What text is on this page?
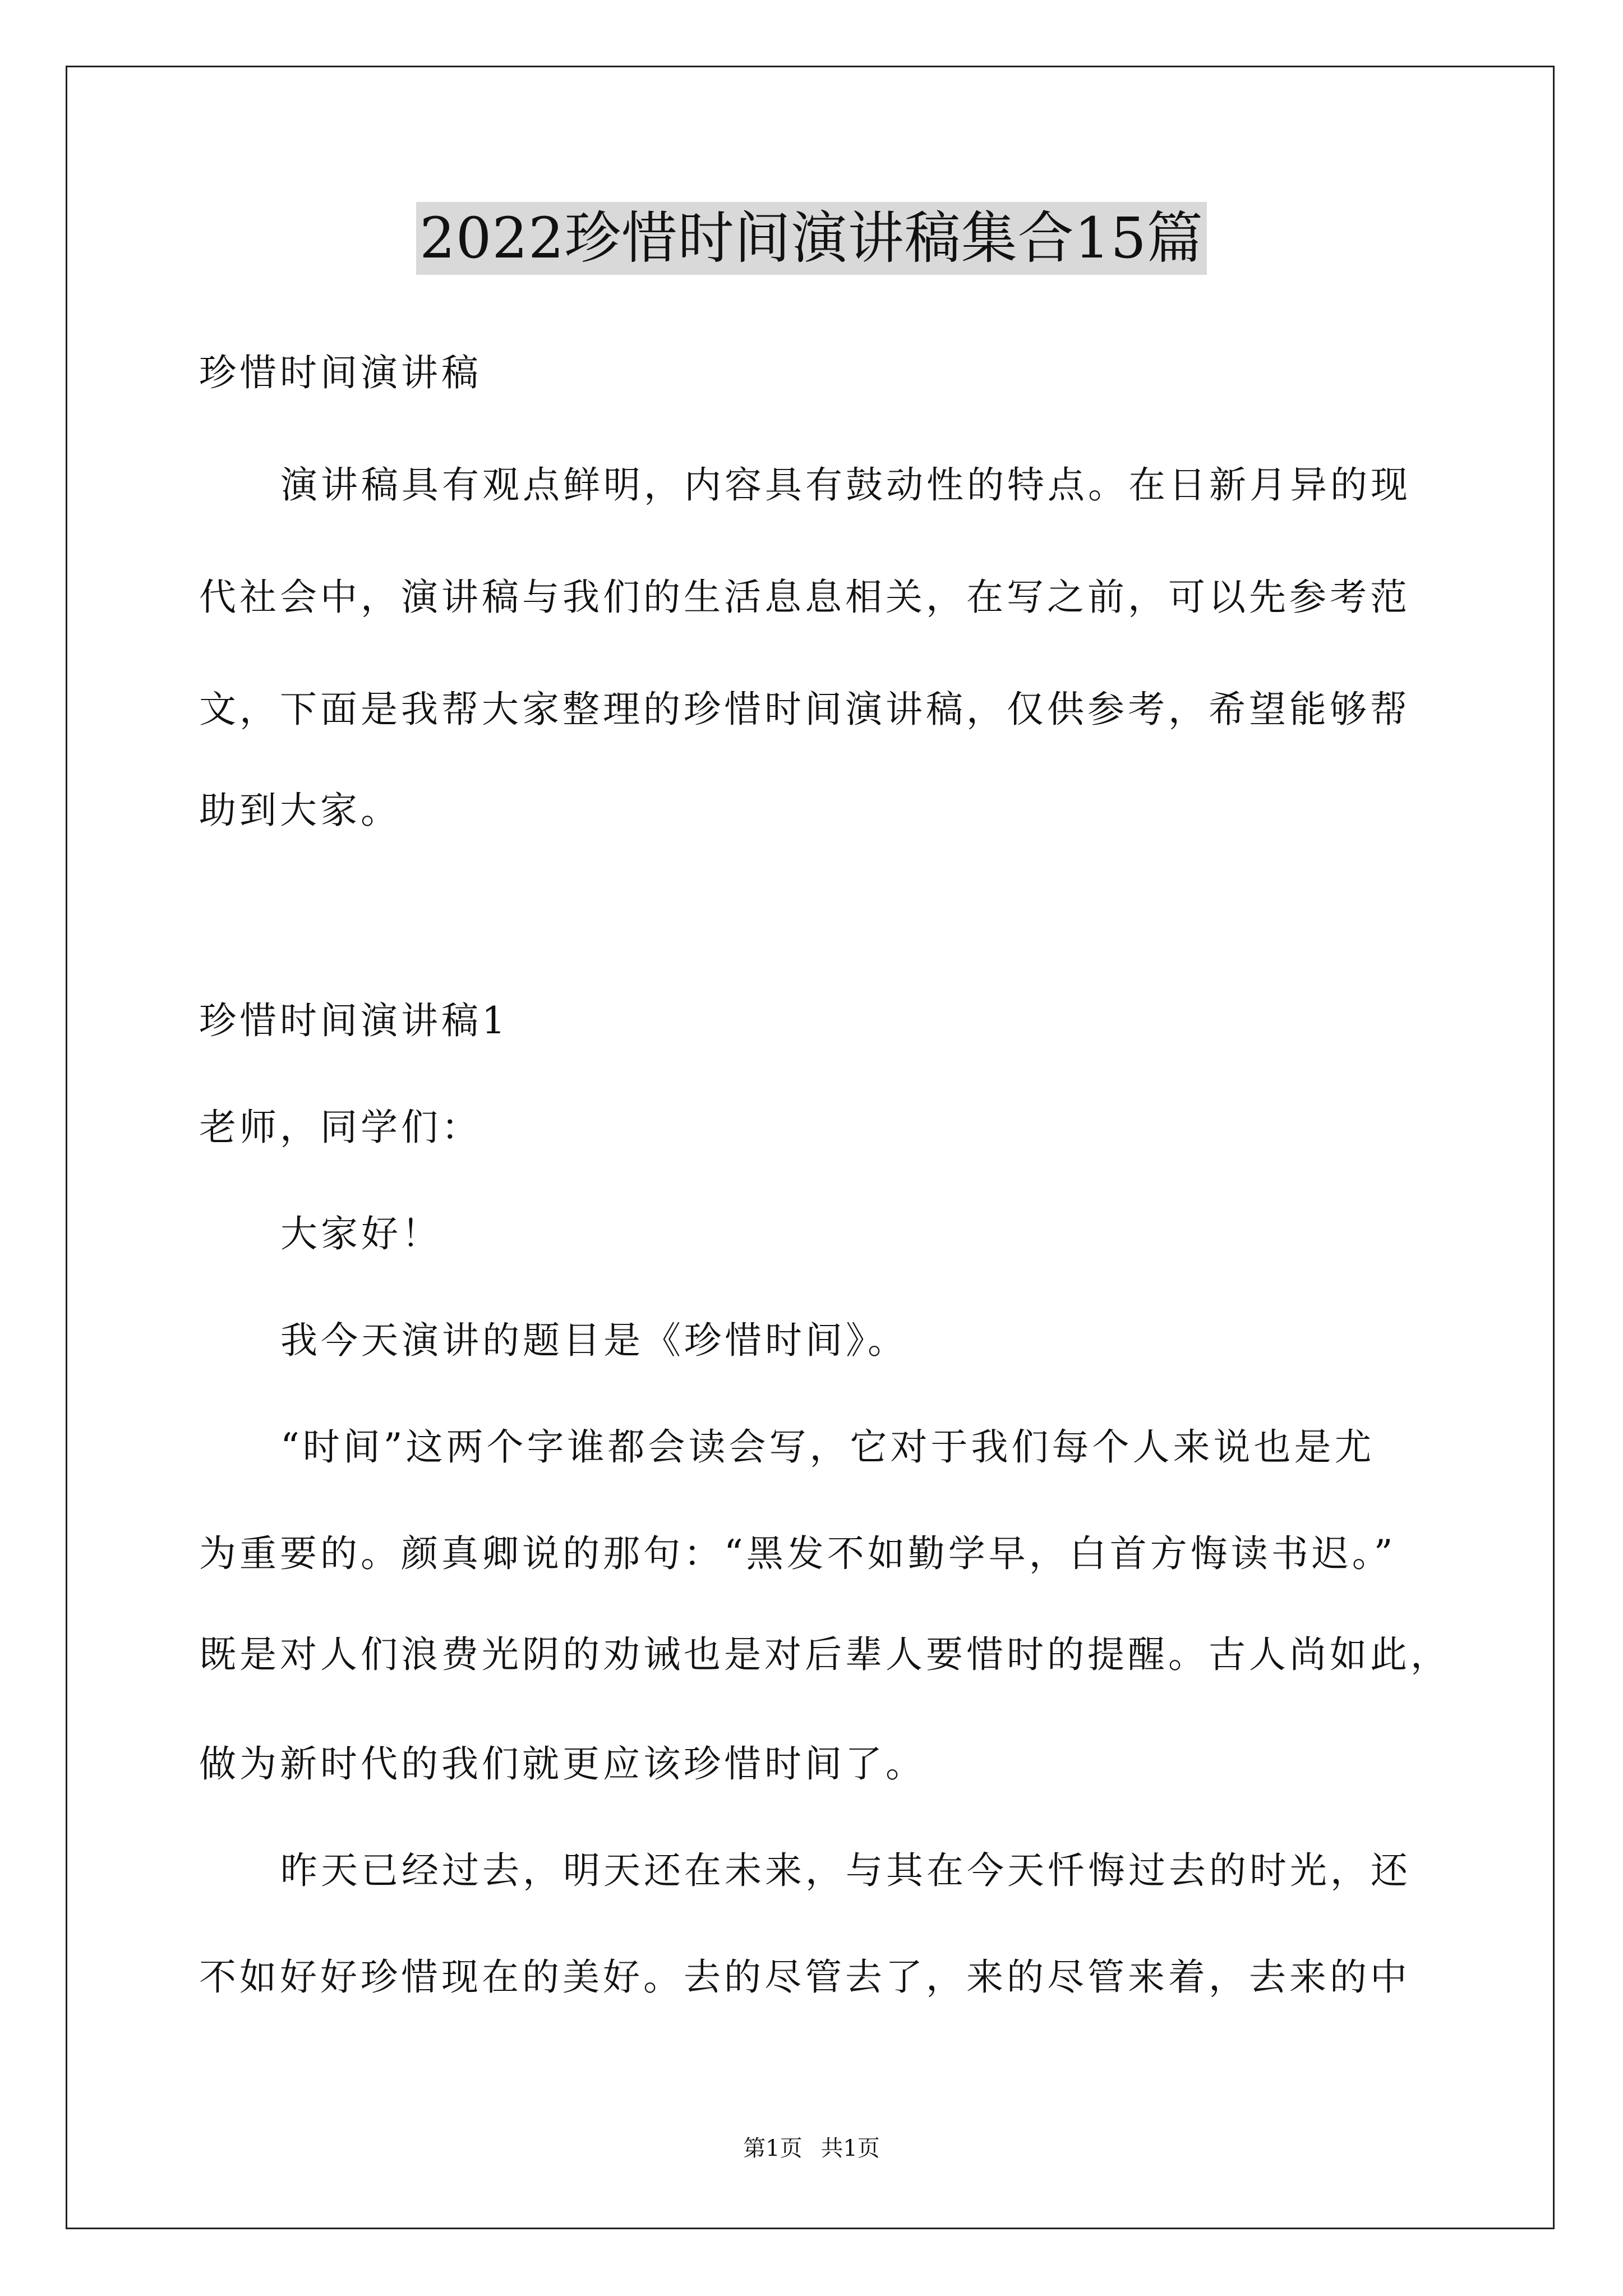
2022珍惜时间演讲稿集合15篇
珍惜时间演讲稿
演讲稿具有观点鲜明，内容具有鼓动性的特点。在日新月异的现
代社会中，演讲稿与我们的生活息息相关，在写之前，可以先参考范
文，下面是我帮大家整理的珍惜时间演讲稿，仅供参考，希望能够帮
助到大家。
珍惜时间演讲稿1
老师，同学们：
大家好！
我今天演讲的题目是《珍惜时间》。
“时间”这两个字谁都会读会写，它对于我们每个人来说也是尤
为重要的。颜真卿说的那句：“黑发不如勤学早，白首方悔读书迟。”
既是对人们浪费光阴的劝诫也是对后辈人要惜时的提醒。古人尚如此，
做为新时代的我们就更应该珍惜时间了。
昨天已经过去，明天还在未来，与其在今天忏悔过去的时光，还
不如好好珍惜现在的美好。去的尽管去了，来的尽管来着，去来的中
第1页 共1页
